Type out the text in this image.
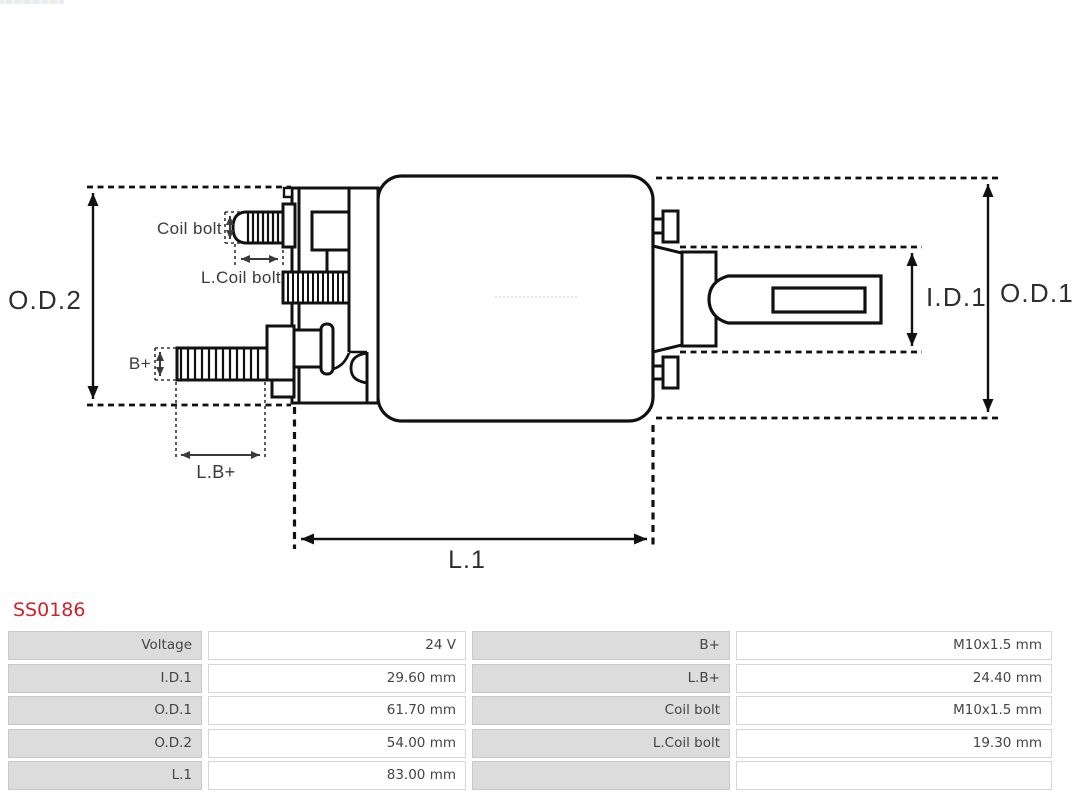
O.D.2	I.D.1 O.D.1
Coil bolt
L.Coil bolt
B+
L.B+
L.1
SS0186
Voltage	24 V	B+	M10x1.5 mm
I.D.1	29.60 mm	L.B+	24.40 mm
O.D.1	61.70 mm	Coil bolt	M10x1.5 mm
O.D.2	54.00 mm	L.Coil bolt	19.30 mm
L.1	83.00 mm
